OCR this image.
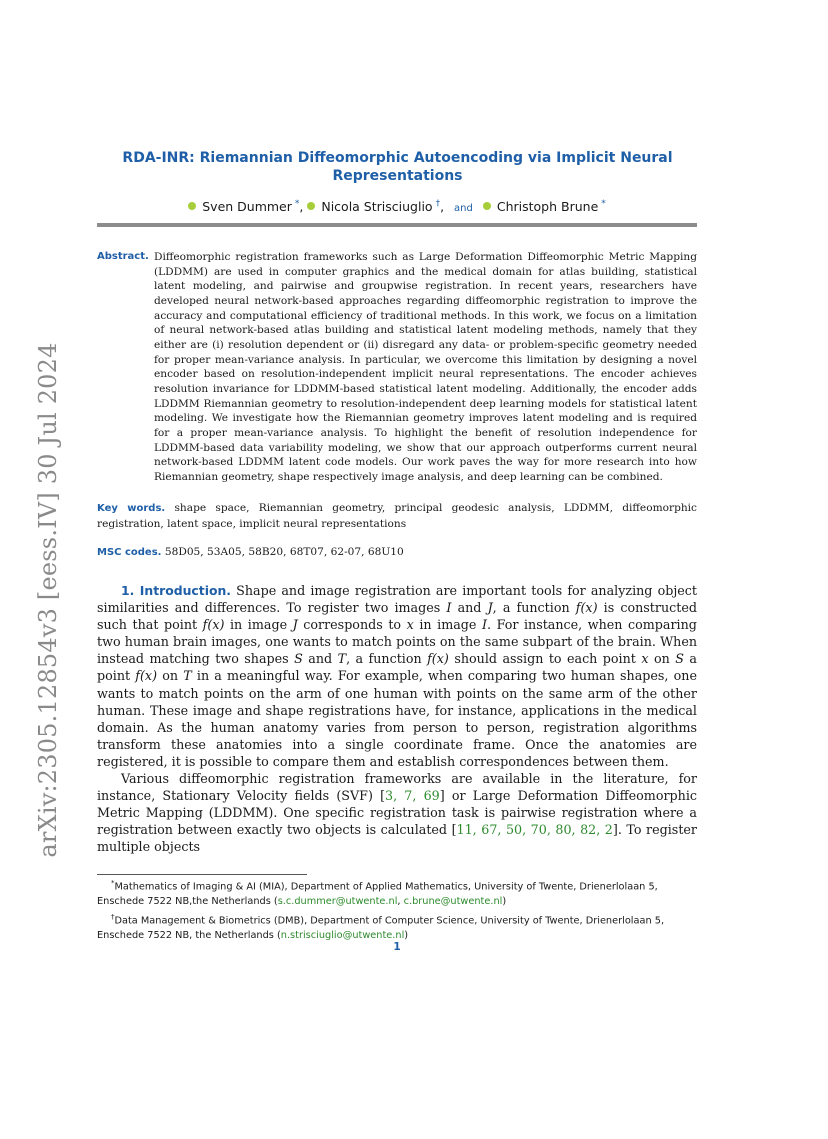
arXiv:2305.12854v3 [eess.IV] 30 Jul 2024
RDA-INR: Riemannian Diffeomorphic Autoencoding via Implicit Neural Representations
Sven Dummer *, Nicola Strisciuglio †, and Christoph Brune *
Abstract. Diffeomorphic registration frameworks such as Large Deformation Diffeomorphic Metric Mapping (LDDMM) are used in computer graphics and the medical domain for atlas building, statistical latent modeling, and pairwise and groupwise registration. In recent years, researchers have developed neural network-based approaches regarding diffeomorphic registration to improve the accuracy and computational efficiency of traditional methods. In this work, we focus on a limitation of neural network-based atlas building and statistical latent modeling methods, namely that they either are (i) resolution dependent or (ii) disregard any data- or problem-specific geometry needed for proper mean-variance analysis. In particular, we overcome this limitation by designing a novel encoder based on resolution-independent implicit neural representations. The encoder achieves resolution invariance for LDDMM-based statistical latent modeling. Additionally, the encoder adds LDDMM Riemannian geometry to resolution-independent deep learning models for statistical latent modeling. We investigate how the Riemannian geometry improves latent modeling and is required for a proper mean-variance analysis. To highlight the benefit of resolution independence for LDDMM-based data variability modeling, we show that our approach outperforms current neural network-based LDDMM latent code models. Our work paves the way for more research into how Riemannian geometry, shape respectively image analysis, and deep learning can be combined.
Key words. shape space, Riemannian geometry, principal geodesic analysis, LDDMM, diffeomorphic registration, latent space, implicit neural representations
MSC codes. 58D05, 53A05, 58B20, 68T07, 62-07, 68U10

1. Introduction. Shape and image registration are important tools for analyzing object similarities and differences. To register two images I and J, a function f(x) is constructed such that point f(x) in image J corresponds to x in image I. For instance, when comparing two human brain images, one wants to match points on the same subpart of the brain. When instead matching two shapes S and T, a function f(x) should assign to each point x on S a point f(x) on T in a meaningful way. For example, when comparing two human shapes, one wants to match points on the arm of one human with points on the same arm of the other human. These image and shape registrations have, for instance, applications in the medical domain. As the human anatomy varies from person to person, registration algorithms transform these anatomies into a single coordinate frame. Once the anatomies are registered, it is possible to compare them and establish correspondences between them.

Various diffeomorphic registration frameworks are available in the literature, for instance, Stationary Velocity fields (SVF) [3, 7, 69] or Large Deformation Diffeomorphic Metric Mapping (LDDMM). One specific registration task is pairwise registration where a registration between exactly two objects is calculated [11, 67, 50, 70, 80, 82, 2]. To register multiple objects

*Mathematics of Imaging & AI (MIA), Department of Applied Mathematics, University of Twente, Drienerlolaan 5, Enschede 7522 NB,the Netherlands (s.c.dummer@utwente.nl, c.brune@utwente.nl)

†Data Management & Biometrics (DMB), Department of Computer Science, University of Twente, Drienerlolaan 5, Enschede 7522 NB, the Netherlands (n.strisciuglio@utwente.nl)

1
